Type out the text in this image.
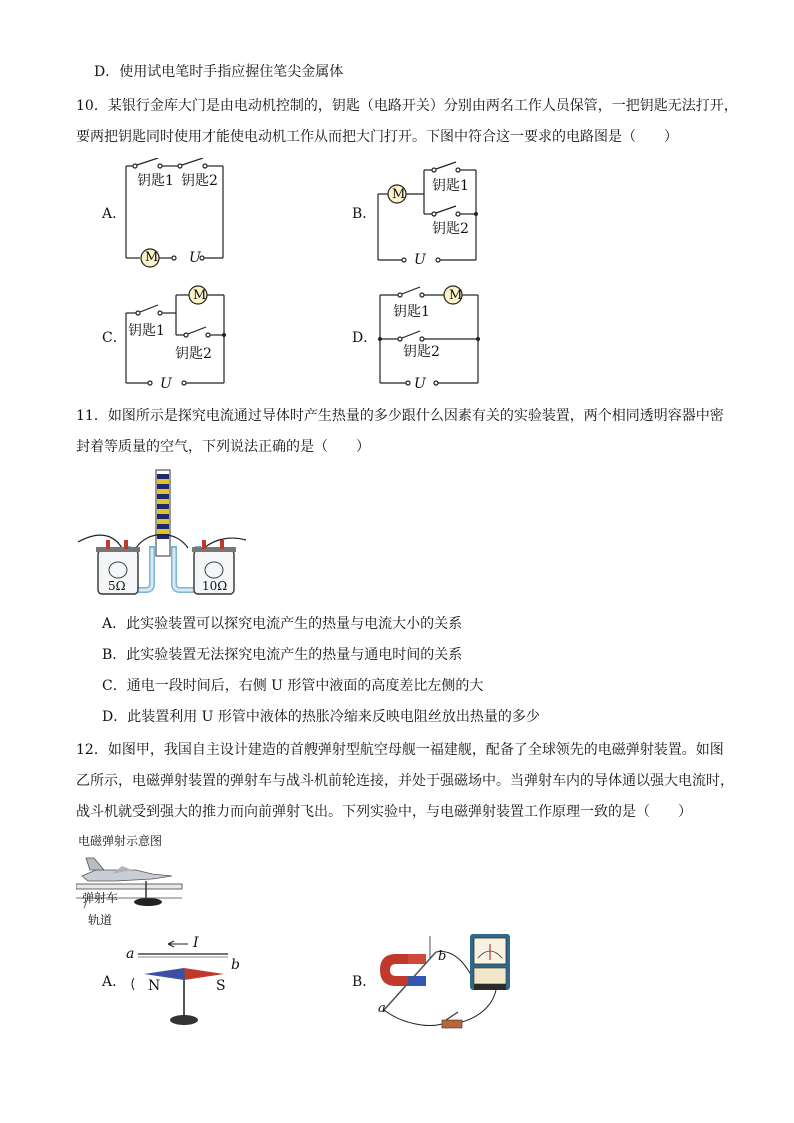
D．使用试电笔时手指应握住笔尖金属体
10．某银行金库大门是由电动机控制的，钥匙（电路开关）分别由两名工作人员保管，一把钥匙无法打开，
要两把钥匙同时使用才能使电动机工作从而把大门打开。下图中符合这一要求的电路图是（　　）
A．
钥匙1 钥匙2
M U
B．
M
钥匙1
钥匙2
U
C．
M
钥匙1
钥匙2
U
D．
M
钥匙1
钥匙2
U
11．如图所示是探究电流通过导体时产生热量的多少跟什么因素有关的实验装置，两个相同透明容器中密
封着等质量的空气，下列说法正确的是（　　）
5Ω	10Ω
A．此实验装置可以探究电流产生的热量与电流大小的关系
B．此实验装置无法探究电流产生的热量与通电时间的关系
C．通电一段时间后，右侧 U 形管中液面的高度差比左侧的大
D．此装置利用 U 形管中液体的热胀冷缩来反映电阻丝放出热量的多少
12．如图甲，我国自主设计建造的首艘弹射型航空母舰一福建舰，配备了全球领先的电磁弹射装置。如图
乙所示，电磁弹射装置的弹射车与战斗机前轮连接，并处于强磁场中。当弹射车内的导体通以强大电流时，
战斗机就受到强大的推力而向前弹射飞出。下列实验中，与电磁弹射装置工作原理一致的是（　　）
电磁弹射示意图
弹射车
轨道
A．
a
b
I
N	S	B．
a
b
